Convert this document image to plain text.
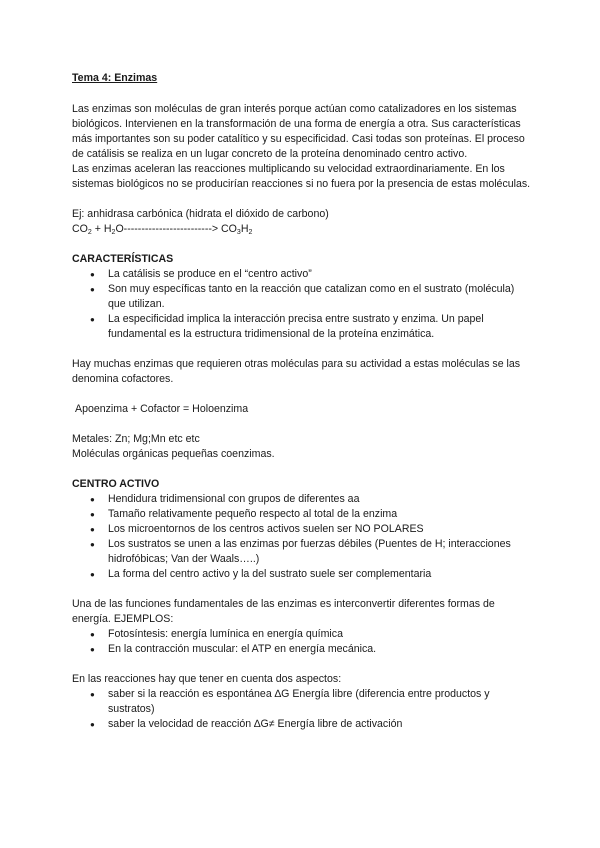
Tema 4: Enzimas

Las enzimas son moléculas de gran interés porque actúan como catalizadores en los sistemas biológicos. Intervienen en la transformación de una forma de energía a otra. Sus características más importantes son su poder catalítico y su especificidad. Casi todas son proteínas. El proceso de catálisis se realiza en un lugar concreto de la proteína denominado centro activo.

Las enzimas aceleran las reacciones multiplicando su velocidad extraordinariamente. En los sistemas biológicos no se producirían reacciones si no fuera por la presencia de estas moléculas.

Ej: anhidrasa carbónica (hidrata el dióxido de carbono)

$CO_2 + H_2O-------------------------> CO_3H_2$

CARACTERÍSTICAS

● La catálisis se produce en el “centro activo”
● Son muy específicas tanto en la reacción que catalizan como en el sustrato (molécula) que utilizan.
● La especificidad implica la interacción precisa entre sustrato y enzima. Un papel fundamental es la estructura tridimensional de la proteína enzimática.

Hay muchas enzimas que requieren otras moléculas para su actividad a estas moléculas se las denomina cofactores.

Apoenzima + Cofactor = Holoenzima

Metales: Zn; Mg;Mn etc etc

Moléculas orgánicas pequeñas coenzimas.

CENTRO ACTIVO

● Hendidura tridimensional con grupos de diferentes aa
● Tamaño relativamente pequeño respecto al total de la enzima
● Los microentornos de los centros activos suelen ser NO POLARES
● Los sustratos se unen a las enzimas por fuerzas débiles (Puentes de H; interacciones hidrofóbicas; Van der Waals…..)
● La forma del centro activo y la del sustrato suele ser complementaria

Una de las funciones fundamentales de las enzimas es interconvertir diferentes formas de energía. EJEMPLOS:

● Fotosíntesis: energía lumínica en energía química
● En la contracción muscular: el ATP en energía mecánica.

En las reacciones hay que tener en cuenta dos aspectos:

● saber si la reacción es espontánea ∆G Energía libre (diferencia entre productos y sustratos)
● saber la velocidad de reacción ∆G≠ Energía libre de activación
